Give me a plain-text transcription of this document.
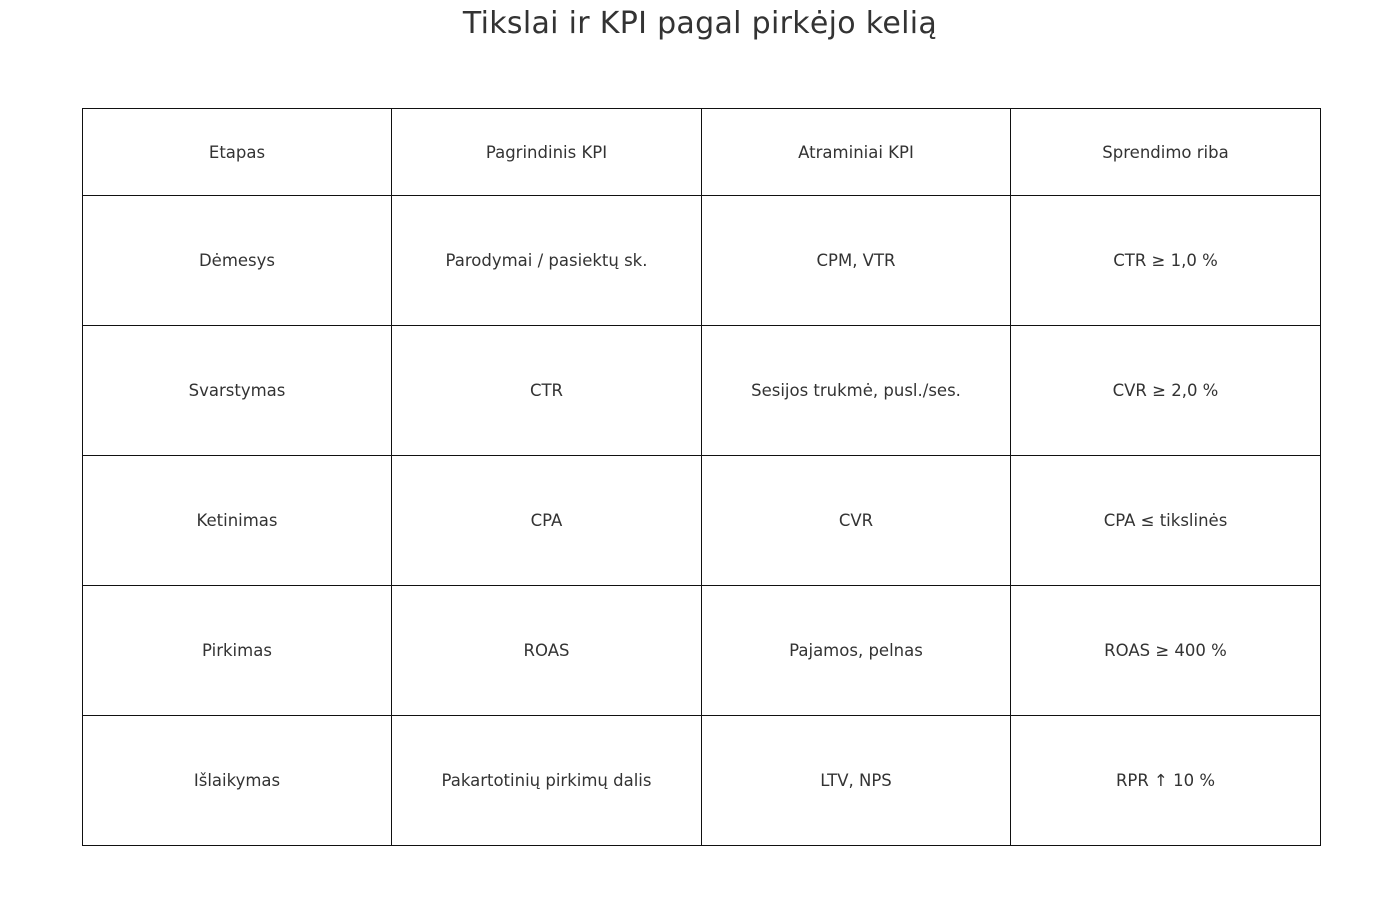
Tikslai ir KPI pagal pirkėjo kelią
Etapas	Pagrindinis KPI	Atraminiai KPI	Sprendimo riba
Dėmesys	Parodymai / pasiektų sk.	CPM, VTR	CTR ≥ 1,0 %
Svarstymas	CTR	Sesijos trukmė, pusl./ses.	CVR ≥ 2,0 %
Ketinimas	CPA	CVR	CPA ≤ tikslinės
Pirkimas	ROAS	Pajamos, pelnas	ROAS ≥ 400 %
Išlaikymas	Pakartotinių pirkimų dalis	LTV, NPS	RPR ↑ 10 %
